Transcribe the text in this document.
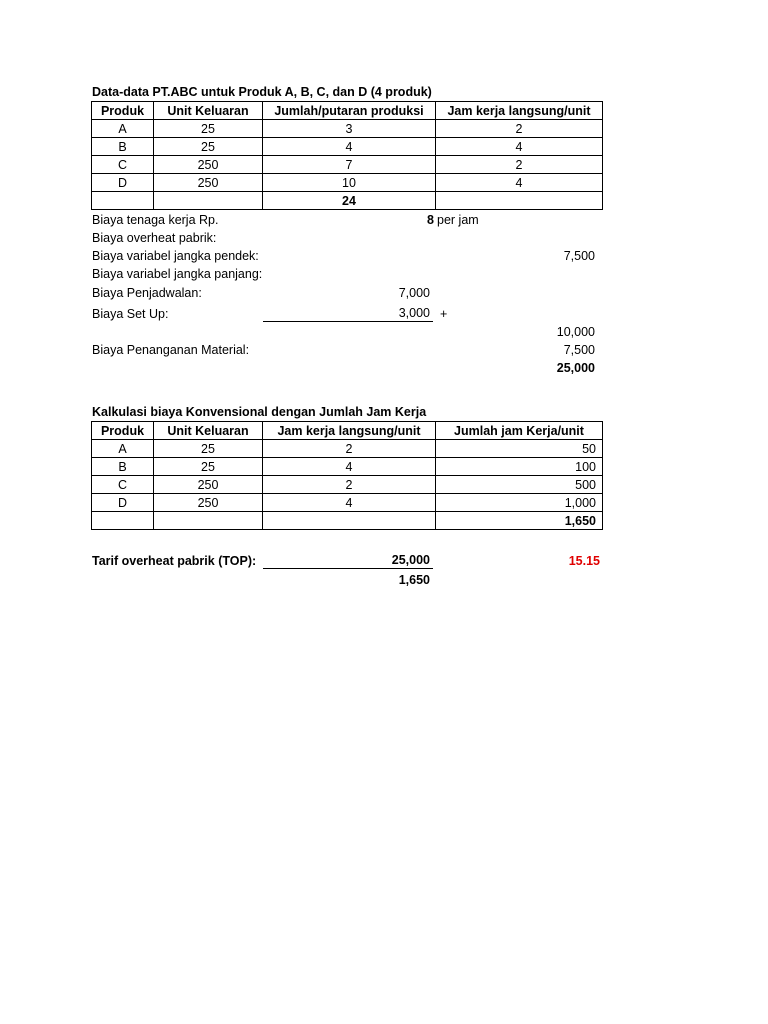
Data-data PT.ABC untuk Produk A, B, C, dan D (4 produk)
Produk	Unit Keluaran	Jumlah/putaran produksi	Jam kerja langsung/unit
A	25	3	2
B	25	4	4
C	250	7	2
D	250	10	4
		24	
Biaya tenaga kerja Rp.	8 per jam
Biaya overheat pabrik:
Biaya variabel jangka pendek:	7,500
Biaya variabel jangka panjang:
Biaya Penjadwalan:	7,000
Biaya Set Up:	3,000 +
10,000
Biaya Penanganan Material:	7,500
25,000
Kalkulasi biaya Konvensional dengan Jumlah Jam Kerja
Produk	Unit Keluaran	Jam kerja langsung/unit	Jumlah jam Kerja/unit
A	25	2	50
B	25	4	100
C	250	2	500
D	250	4	1,000
			1,650
Tarif overheat pabrik (TOP):	25,000
1,650
15.15
